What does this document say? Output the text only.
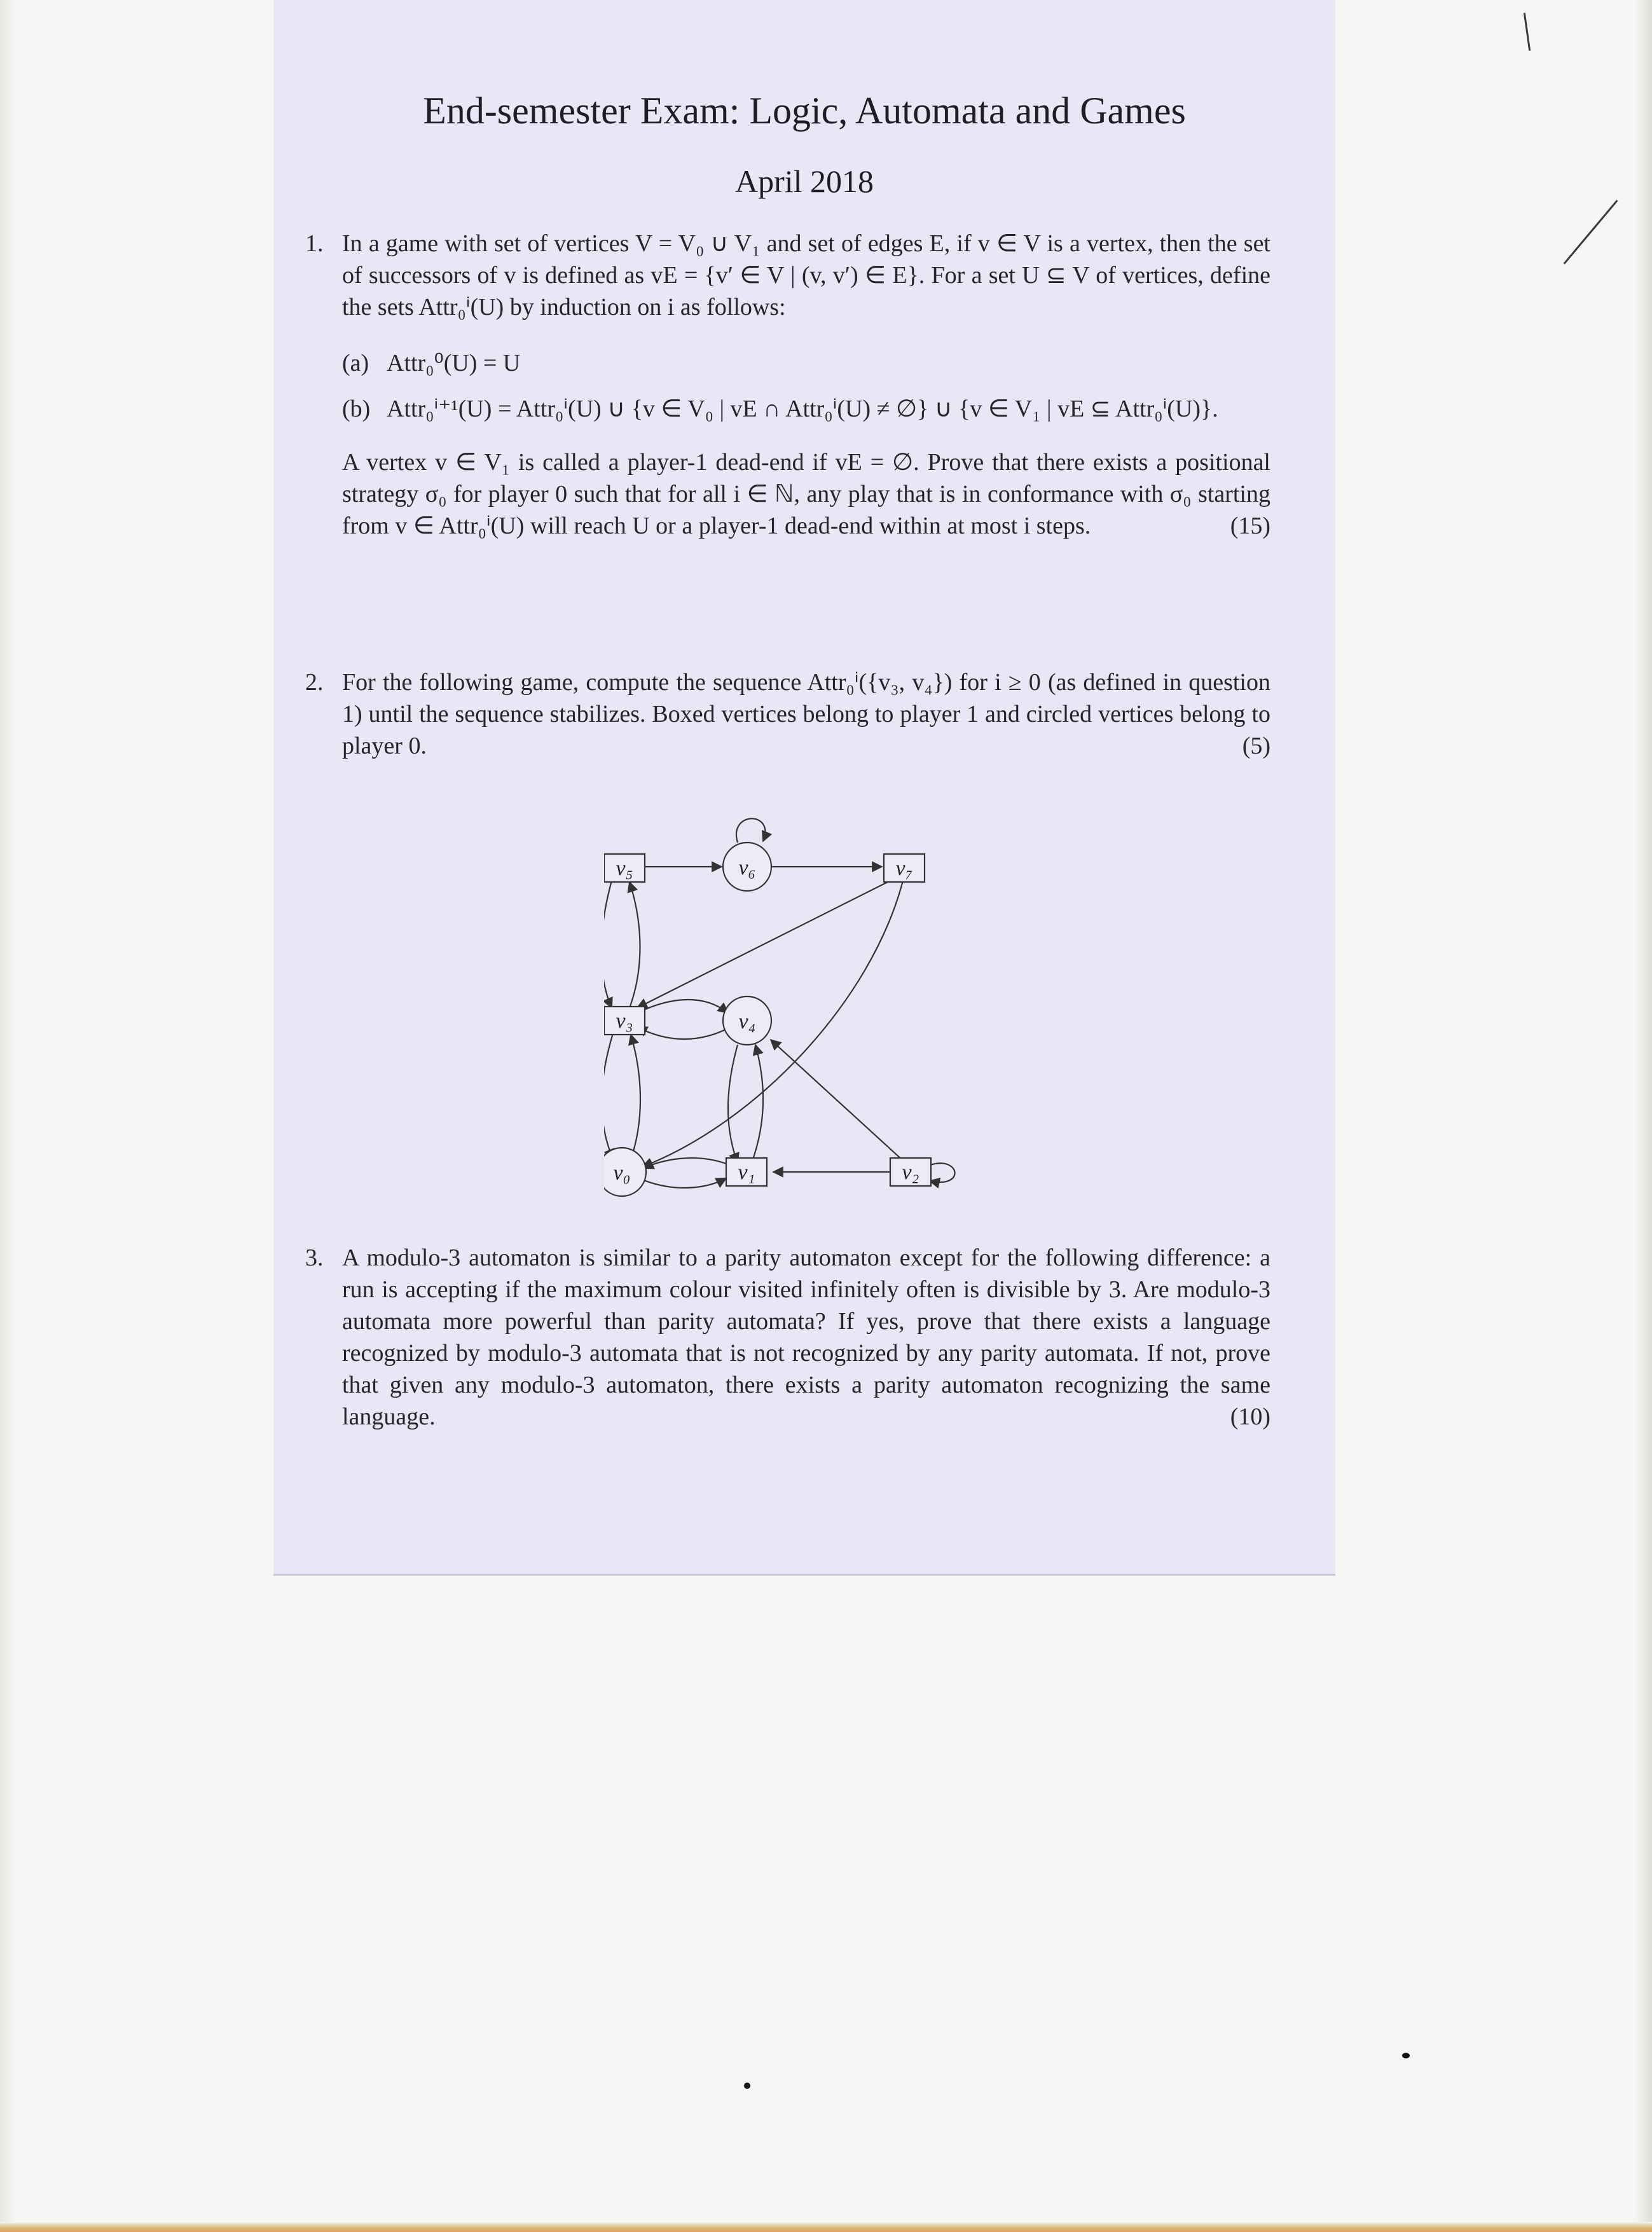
End-semester Exam: Logic, Automata and Games
April 2018
1. In a game with set of vertices V = V₀ ∪ V₁ and set of edges E, if v ∈ V is a vertex, then the set of successors of v is defined as vE = {v′ ∈ V | (v, v′) ∈ E}. For a set U ⊆ V of vertices, define the sets Attr₀ⁱ(U) by induction on i as follows:

(a) Attr₀⁰(U) = U

(b) Attr₀ⁱ⁺¹(U) = Attr₀ⁱ(U) ∪ {v ∈ V₀ | vE ∩ Attr₀ⁱ(U) ≠ ∅} ∪ {v ∈ V₁ | vE ⊆ Attr₀ⁱ(U)}.

A vertex v ∈ V₁ is called a player-1 dead-end if vE = ∅. Prove that there exists a positional strategy σ₀ for player 0 such that for all i ∈ ℕ, any play that is in conformance with σ₀ starting from v ∈ Attr₀ⁱ(U) will reach U or a player-1 dead-end within at most i steps.	(15)

2. For the following game, compute the sequence Attr₀ⁱ({v₃, v₄}) for i ≥ 0 (as defined in question 1) until the sequence stabilizes. Boxed vertices belong to player 1 and circled vertices belong to player 0.	(5)

v₅	v₆	v₇
v₃	v₄
v₀	v₁	v₂
3. A modulo-3 automaton is similar to a parity automaton except for the following difference: a run is accepting if the maximum colour visited infinitely often is divisible by 3. Are modulo-3 automata more powerful than parity automata? If yes, prove that there exists a language recognized by modulo-3 automata that is not recognized by any parity automata. If not, prove that given any modulo-3 automaton, there exists a parity automaton recognizing the same language.	(10)
